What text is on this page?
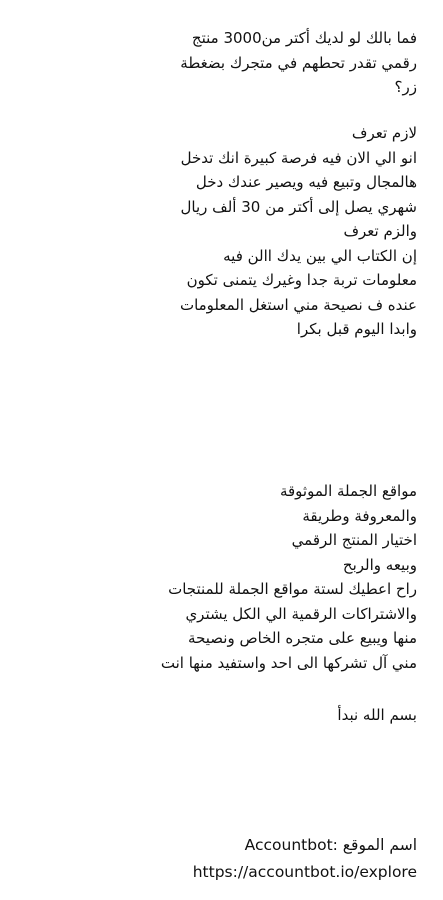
فما بالك لو لديك أكتر من3000 منتج
رقمي تقدر تحطهم في متجرك بضغطة
زر؟
لازم تعرف
انو الي الان فيه فرصة كبيرة انك تدخل
هالمجال وتبيع فيه ويصير عندك دخل
شهري يصل إلى أكتر من 30 ألف ريال
والزم تعرف
إن الكتاب الي بين يدك االن فيه
معلومات تربة جدا وغيرك يتمنى تكون
عنده ف نصيحة مني استغل المعلومات
وابدا اليوم قبل بكرا
مواقع الجملة الموثوقة
والمعروفة وطريقة
اختيار المنتج الرقمي
وبيعه والربح
راح اعطيك لستة مواقع الجملة للمنتجات
والاشتراكات الرقمية الي الكل يشتري
منها ويبيع على متجره الخاص ونصيحة
مني آل تشركها الى احد واستفيد منها انت
بسم الله نبدأ
اسم الموقع :Accountbot
https://accountbot.io/explore
